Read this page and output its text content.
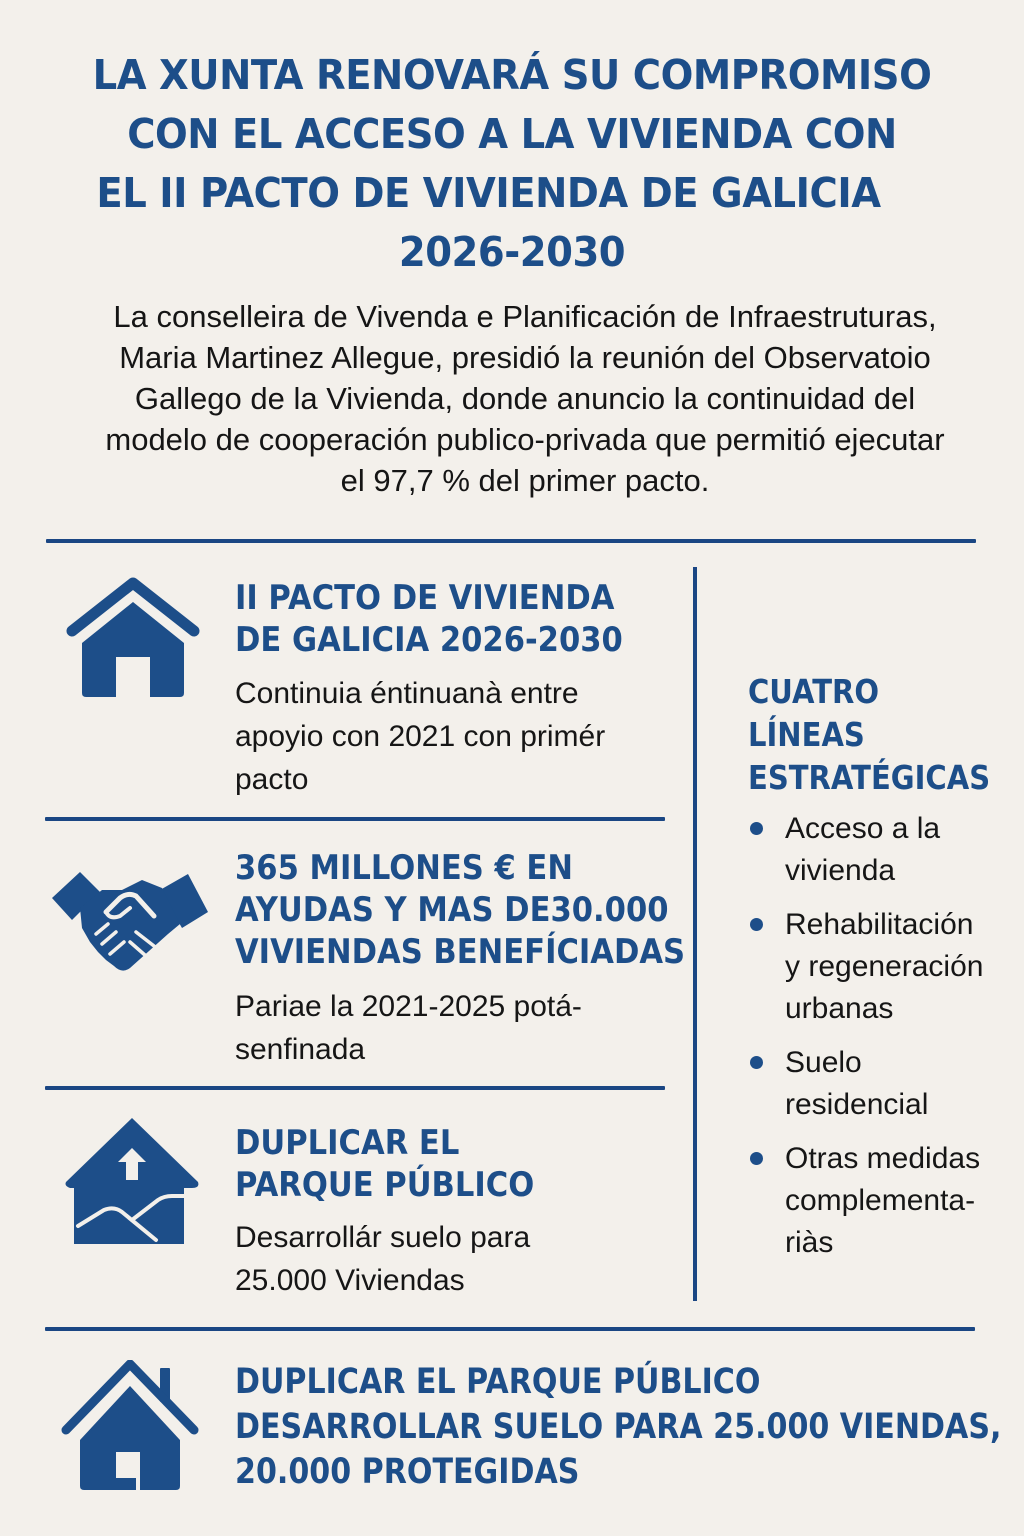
LA XUNTA RENOVARÁ SU COMPROMISO
CON EL ACCESO A LA VIVIENDA CON
EL II PACTO DE VIVIENDA DE GALICIA
2026-2030
La conselleira de Vivenda e Planificación de Infraestruturas,
Maria Martinez Allegue, presidió la reunión del Observatoio
Gallego de la Vivienda, donde anuncio la continuidad del
modelo de cooperación publico-privada que permitió ejecutar
el 97,7 % del primer pacto.
II PACTO DE VIVIENDA
DE GALICIA 2026-2030
Continuia éntinuanà entre
apoyio con 2021 con primér
pacto
365 MILLONES € EN
AYUDAS Y MAS DE30.000
VIVIENDAS BENEFÍCIADAS
Pariae la 2021-2025 potá-
senfinada
DUPLICAR EL
PARQUE PÚBLICO
Desarrollár suelo para
25.000 Viviendas
CUATRO
LÍNEAS
ESTRATÉGICAS
Acceso a la
vivienda
Rehabilitación
y regeneración
urbanas
Suelo
residencial
Otras medidas
complementa-
riàs
DUPLICAR EL PARQUE PÚBLICO
DESARROLLAR SUELO PARA 25.000 VIENDAS,
20.000 PROTEGIDAS
